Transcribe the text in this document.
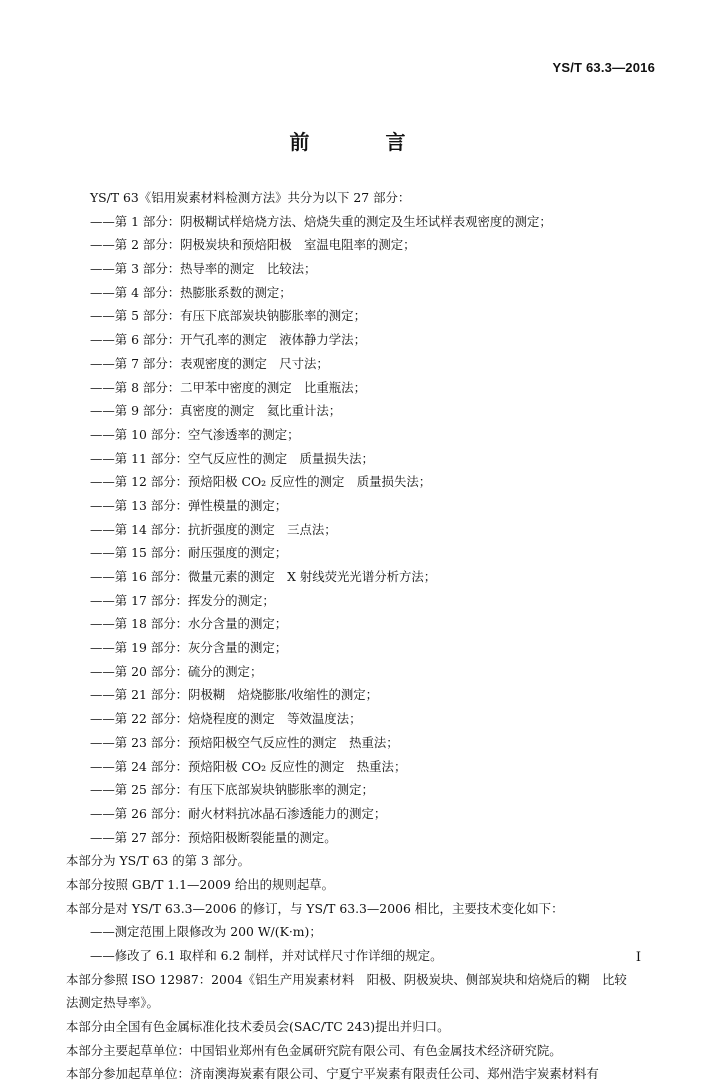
YS/T 63.3—2016
前　言
YS/T 63《铝用炭素材料检测方法》共分为以下 27 部分：
——第 1 部分：阴极糊试样焙烧方法、焙烧失重的测定及生坯试样表观密度的测定；
——第 2 部分：阴极炭块和预焙阳极　室温电阻率的测定；
——第 3 部分：热导率的测定　比较法；
——第 4 部分：热膨胀系数的测定；
——第 5 部分：有压下底部炭块钠膨胀率的测定；
——第 6 部分：开气孔率的测定　液体静力学法；
——第 7 部分：表观密度的测定　尺寸法；
——第 8 部分：二甲苯中密度的测定　比重瓶法；
——第 9 部分：真密度的测定　氦比重计法；
——第 10 部分：空气渗透率的测定；
——第 11 部分：空气反应性的测定　质量损失法；
——第 12 部分：预焙阳极 CO₂ 反应性的测定　质量损失法；
——第 13 部分：弹性模量的测定；
——第 14 部分：抗折强度的测定　三点法；
——第 15 部分：耐压强度的测定；
——第 16 部分：微量元素的测定　X 射线荧光光谱分析方法；
——第 17 部分：挥发分的测定；
——第 18 部分：水分含量的测定；
——第 19 部分：灰分含量的测定；
——第 20 部分：硫分的测定；
——第 21 部分：阴极糊　焙烧膨胀/收缩性的测定；
——第 22 部分：焙烧程度的测定　等效温度法；
——第 23 部分：预焙阳极空气反应性的测定　热重法；
——第 24 部分：预焙阳极 CO₂ 反应性的测定　热重法；
——第 25 部分：有压下底部炭块钠膨胀率的测定；
——第 26 部分：耐火材料抗冰晶石渗透能力的测定；
——第 27 部分：预焙阳极断裂能量的测定。
本部分为 YS/T 63 的第 3 部分。
本部分按照 GB/T 1.1—2009 给出的规则起草。
本部分是对 YS/T 63.3—2006 的修订，与 YS/T 63.3—2006 相比，主要技术变化如下：
——测定范围上限修改为 200 W/(K·m)；
——修改了 6.1 取样和 6.2 制样，并对试样尺寸作详细的规定。
本部分参照 ISO 12987：2004《铝生产用炭素材料　阳极、阴极炭块、侧部炭块和焙烧后的糊　比较
法测定热导率》。
本部分由全国有色金属标准化技术委员会(SAC/TC 243)提出并归口。
本部分主要起草单位：中国铝业郑州有色金属研究院有限公司、有色金属技术经济研究院。
本部分参加起草单位：济南澳海炭素有限公司、宁夏宁平炭素有限责任公司、郑州浩宇炭素材料有
I
